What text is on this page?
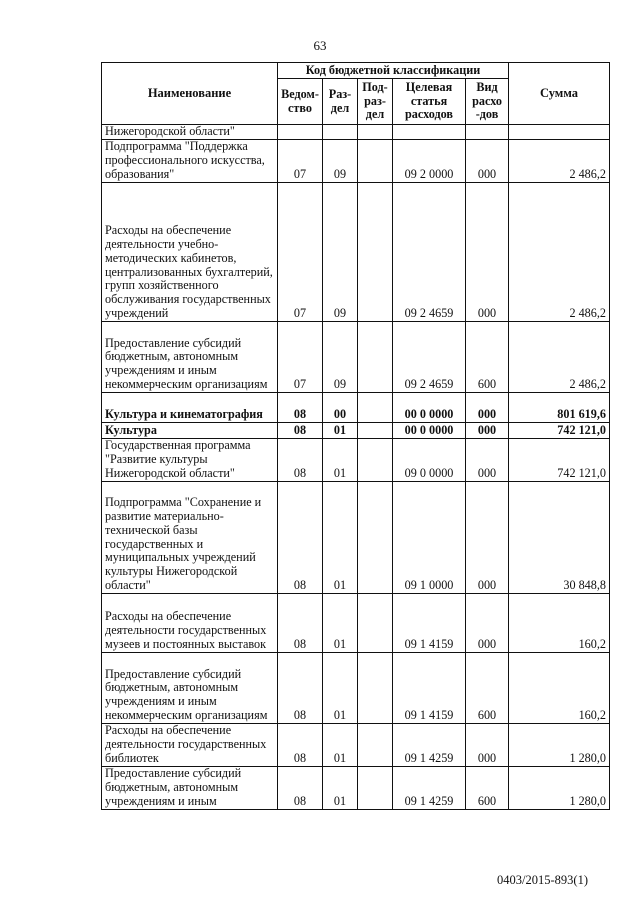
63
Наименование	Код бюджетной классификации					Сумма
	Ведом-ство	Раз-дел	Под-раз-дел	Целевая статья расходов	Вид расхо -дов	
Нижегородской области"						
Подпрограмма "Поддержка профессионального искусства, образования"	07	09		09 2 0000	000	2 486,2
Расходы на обеспечение деятельности учебно-методических кабинетов, централизованных бухгалтерий, групп хозяйственного обслуживания государственных учреждений	07	09		09 2 4659	000	2 486,2
Предоставление субсидий бюджетным, автономным учреждениям и иным некоммерческим организациям	07	09		09 2 4659	600	2 486,2
Культура и кинематография	08	00		00 0 0000	000	801 619,6
Культура	08	01		00 0 0000	000	742 121,0
Государственная программа "Развитие культуры Нижегородской области"	08	01		09 0 0000	000	742 121,0
Подпрограмма "Сохранение и развитие материально-технической базы государственных и муниципальных учреждений культуры Нижегородской области"	08	01		09 1 0000	000	30 848,8
Расходы на обеспечение деятельности государственных музеев и постоянных выставок	08	01		09 1 4159	000	160,2
Предоставление субсидий бюджетным, автономным учреждениям и иным некоммерческим организациям	08	01		09 1 4159	600	160,2
Расходы на обеспечение деятельности государственных библиотек	08	01		09 1 4259	000	1 280,0
Предоставление субсидий бюджетным, автономным учреждениям и иным	08	01		09 1 4259	600	1 280,0
0403/2015-893(1)
